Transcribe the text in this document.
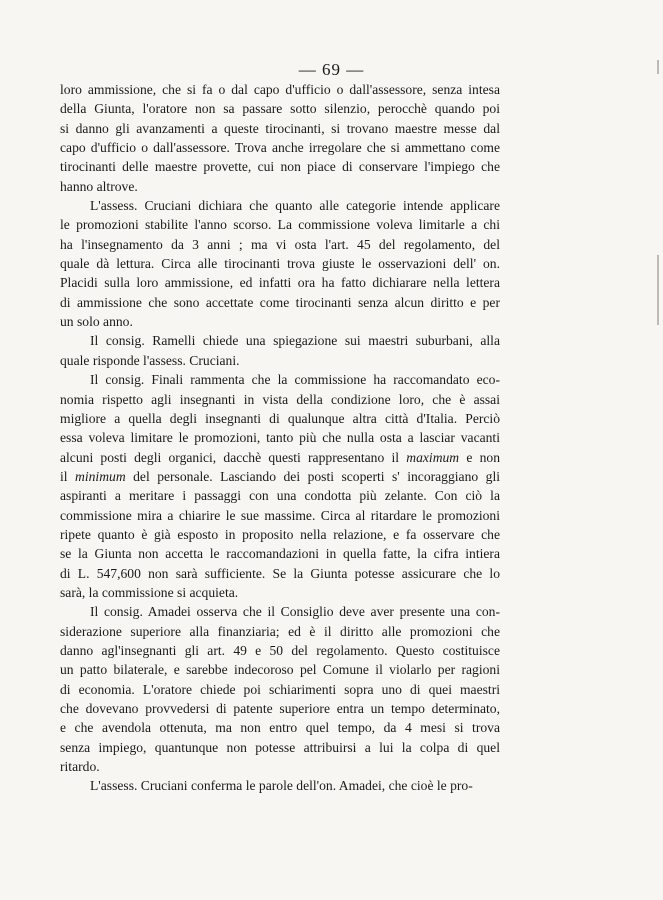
— 69 —
loro ammissione, che si fa o dal capo d'ufficio o dall'assessore, senza intesa
della Giunta, l'oratore non sa passare sotto silenzio, perocchè quando poi
si danno gli avanzamenti a queste tirocinanti, si trovano maestre messe dal
capo d'ufficio o dall'assessore. Trova anche irregolare che si ammettano come
tirocinanti delle maestre provette, cui non piace di conservare l'impiego che
hanno altrove.
L'assess. Cruciani dichiara che quanto alle categorie intende applicare
le promozioni stabilite l'anno scorso. La commissione voleva limitarle a chi
ha l'insegnamento da 3 anni ; ma vi osta l'art. 45 del regolamento, del
quale dà lettura. Circa alle tirocinanti trova giuste le osservazioni dell' on.
Placidi sulla loro ammissione, ed infatti ora ha fatto dichiarare nella lettera
di ammissione che sono accettate come tirocinanti senza alcun diritto e per
un solo anno.
Il consig. Ramelli chiede una spiegazione sui maestri suburbani, alla
quale risponde l'assess. Cruciani.
Il consig. Finali rammenta che la commissione ha raccomandato eco-
nomia rispetto agli insegnanti in vista della condizione loro, che è assai
migliore a quella degli insegnanti di qualunque altra città d'Italia. Perciò
essa voleva limitare le promozioni, tanto più che nulla osta a lasciar vacanti
alcuni posti degli organici, dacchè questi rappresentano il maximum e non
il minimum del personale. Lasciando dei posti scoperti s' incoraggiano gli
aspiranti a meritare i passaggi con una condotta più zelante. Con ciò la
commissione mira a chiarire le sue massime. Circa al ritardare le promozioni
ripete quanto è già esposto in proposito nella relazione, e fa osservare che
se la Giunta non accetta le raccomandazioni in quella fatte, la cifra intiera
di L. 547,600 non sarà sufficiente. Se la Giunta potesse assicurare che lo
sarà, la commissione si acquieta.
Il consig. Amadei osserva che il Consiglio deve aver presente una con-
siderazione superiore alla finanziaria; ed è il diritto alle promozioni che
danno agl'insegnanti gli art. 49 e 50 del regolamento. Questo costituisce
un patto bilaterale, e sarebbe indecoroso pel Comune il violarlo per ragioni
di economia. L'oratore chiede poi schiarimenti sopra uno di quei maestri
che dovevano provvedersi di patente superiore entra un tempo determinato,
e che avendola ottenuta, ma non entro quel tempo, da 4 mesi si trova
senza impiego, quantunque non potesse attribuirsi a lui la colpa di quel
ritardo.
L'assess. Cruciani conferma le parole dell'on. Amadei, che cioè le pro-
